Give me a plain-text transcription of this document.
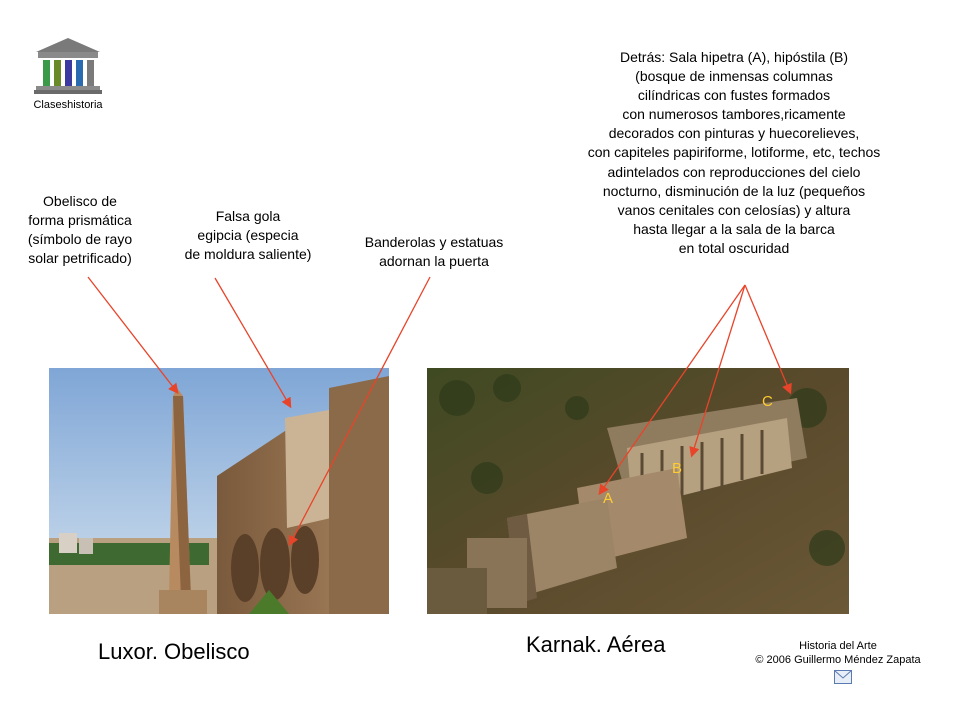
Claseshistoria
Obelisco de
forma prismática
(símbolo de rayo
solar petrificado)
Falsa gola
egipcia (especia
de moldura saliente)
Banderolas y estatuas
adornan la puerta
Detrás: Sala hipetra (A), hipóstila (B)
(bosque de inmensas columnas
cilíndricas con fustes formados
con numerosos tambores,ricamente
decorados con pinturas y huecorelieves,
con capiteles papiriforme, lotiforme, etc, techos
adintelados con reproducciones del cielo
nocturno, disminución de la luz (pequeños
vanos cenitales con celosías) y altura
hasta llegar a la sala de la barca
en total oscuridad
A
B
C
Luxor. Obelisco	Karnak. Aérea	Historia del Arte
© 2006 Guillermo Méndez Zapata
